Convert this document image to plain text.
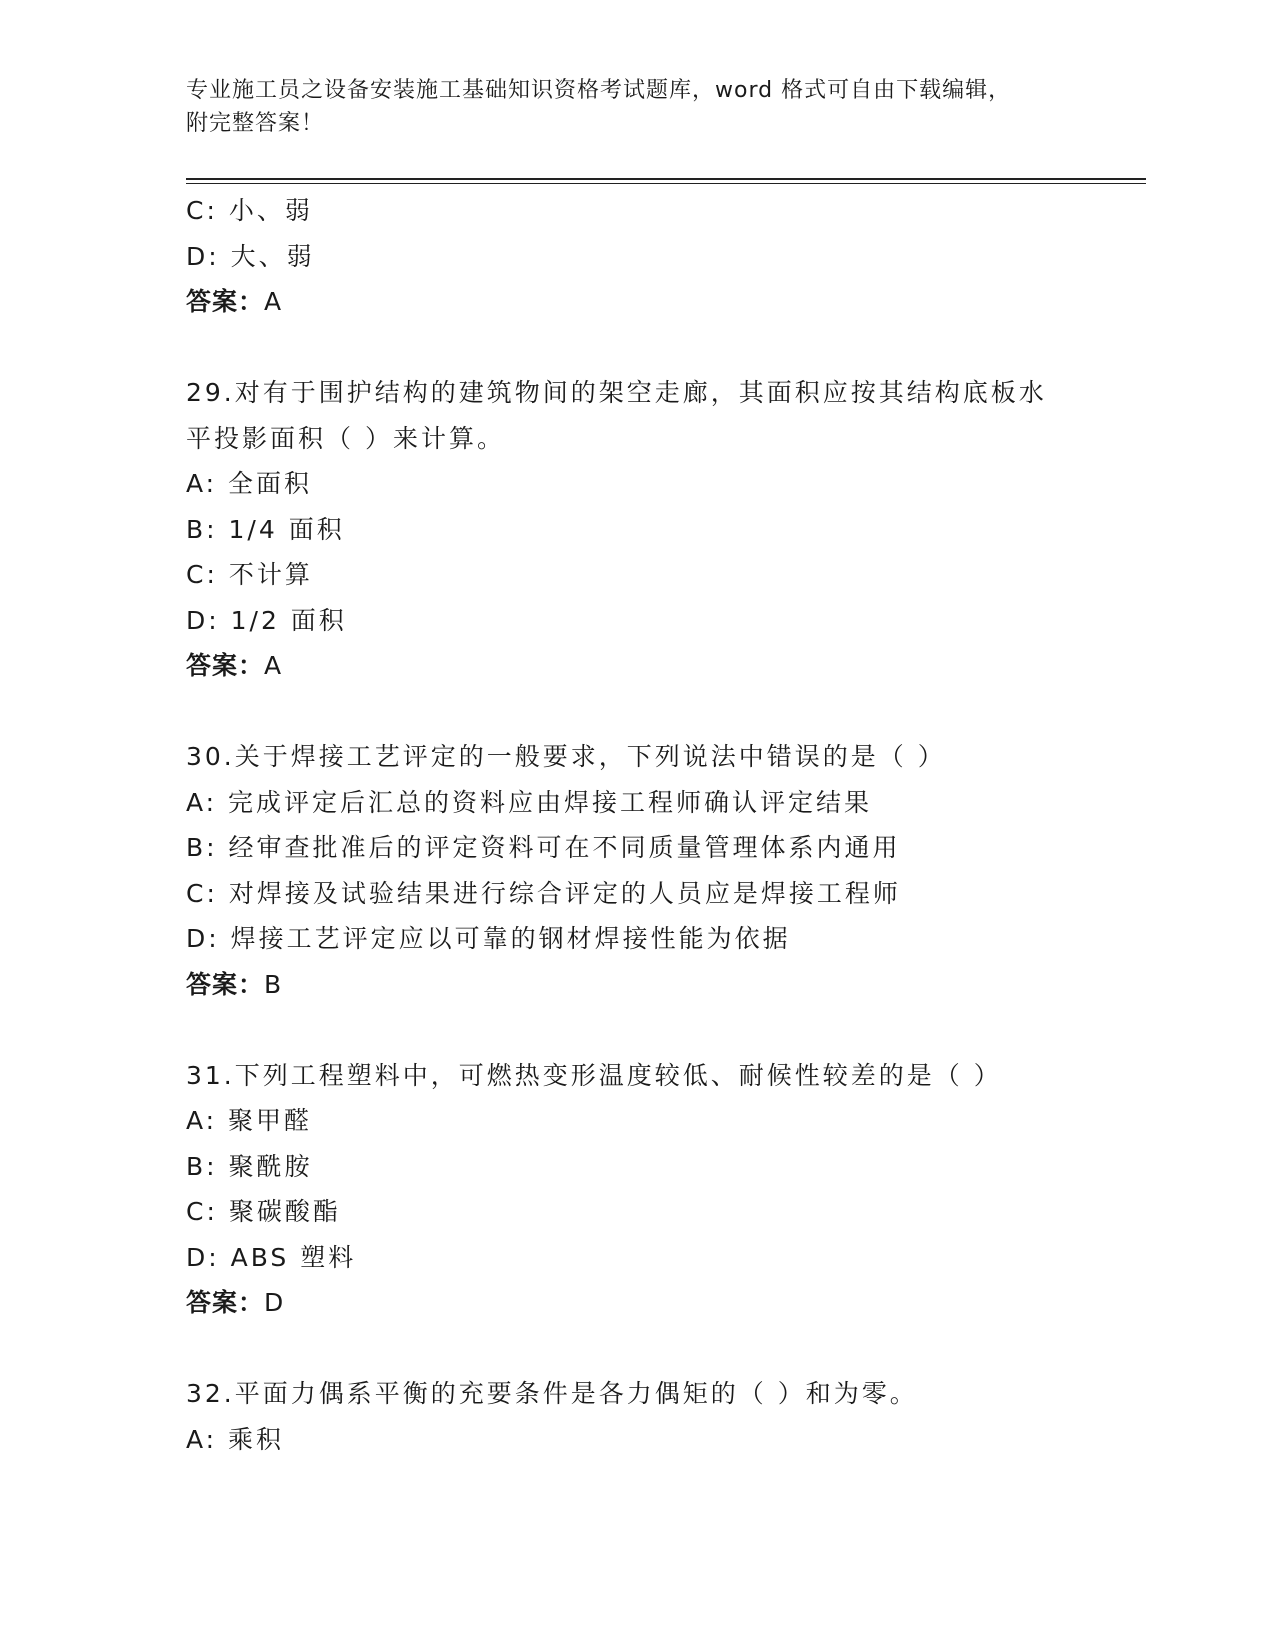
专业施工员之设备安装施工基础知识资格考试题库，word 格式可自由下载编辑，
附完整答案！
C: 小、弱
D: 大、弱
答案：A
29.对有于围护结构的建筑物间的架空走廊，其面积应按其结构底板水
平投影面积（ ）来计算。
A: 全面积
B: 1/4 面积
C: 不计算
D: 1/2 面积
答案：A
30.关于焊接工艺评定的一般要求，下列说法中错误的是（ ）
A: 完成评定后汇总的资料应由焊接工程师确认评定结果
B: 经审查批准后的评定资料可在不同质量管理体系内通用
C: 对焊接及试验结果进行综合评定的人员应是焊接工程师
D: 焊接工艺评定应以可靠的钢材焊接性能为依据
答案：B
31.下列工程塑料中，可燃热变形温度较低、耐候性较差的是（ ）
A: 聚甲醛
B: 聚酰胺
C: 聚碳酸酯
D: ABS 塑料
答案：D
32.平面力偶系平衡的充要条件是各力偶矩的（ ）和为零。
A: 乘积
